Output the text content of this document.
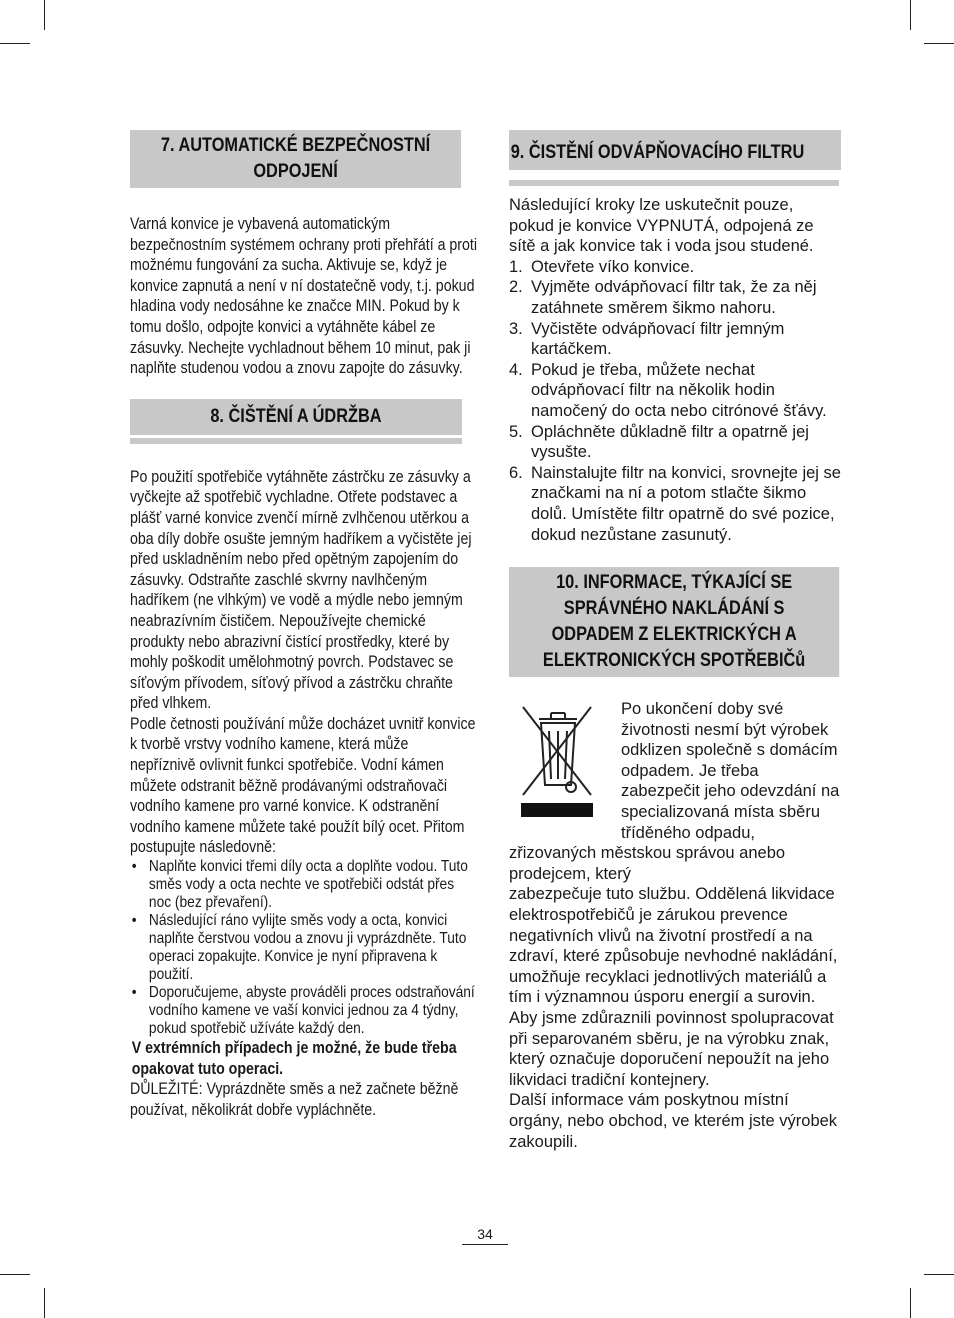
7. AUTOMATICKÉ BEZPEČNOSTNÍ
ODPOJENÍ

Varná konvice je vybavená automatickým bezpečnostním systémem ochrany proti přehřátí a proti možnému fungování za sucha. Aktivuje se, když je konvice zapnutá a není v ní dostatečně vody, t.j. pokud hladina vody nedosáhne ke značce MIN. Pokud by k tomu došlo, odpojte konvici a vytáhněte kábel ze zásuvky. Nechejte vychladnout během 10 minut, pak ji naplňte studenou vodou a znovu zapojte do zásuvky.

8. ČIŠTĚNÍ A ÚDRŽBA

Po použití spotřebiče vytáhněte zástrčku ze zásuvky a vyčkejte až spotřebič vychladne. Otřete podstavec a plášť varné konvice zvenčí mírně zvlhčenou utěrkou a oba díly dobře osušte jemným hadříkem a vyčistěte jej před uskladněním nebo před opětným zapojením do zásuvky. Odstraňte zaschlé skvrny navlhčeným hadříkem (ne vlhkým) ve vodě a mýdle nebo jemným neabrazívním čističem. Nepoužívejte chemické produkty nebo abrazivní čistící prostředky, které by mohly poškodit umělohmotný povrch. Podstavec se síťovým přívodem, síťový přívod a zástrčku chraňte před vlhkem.

Podle četnosti používání může docházet uvnitř konvice k tvorbě vrstvy vodního kamene, která může nepříznivě ovlivnit funkci spotřebiče. Vodní kámen můžete odstranit běžně prodávanými odstraňovači vodního kamene pro varné konvice. K odstranění vodního kamene můžete také použít bílý ocet. Přitom postupujte následovně:

• Naplňte konvici třemi díly octa a doplňte vodou. Tuto směs vody a octa nechte ve spotřebiči odstát přes noc (bez převaření).
• Následující ráno vylijte směs vody a octa, konvici naplňte čerstvou vodou a znovu ji vyprázdněte. Tuto operaci zopakujte. Konvice je nyní připravena k použití.
• Doporučujeme, abyste prováděli proces odstraňování vodního kamene ve vaší konvici jednou za 4 týdny, pokud spotřebič užíváte každý den.

V extrémních případech je možné, že bude třeba opakovat tuto operaci.

DŮLEŽITÉ: Vyprázdněte směs a než začnete běžně používat, několikrát dobře vypláchněte.

9. ČISTĚNÍ ODVÁPŇOVACÍHO FILTRU

Následující kroky lze uskutečnit pouze, pokud je konvice VYPNUTÁ, odpojená ze sítě a jak konvice tak i voda jsou studené.

1. Otevřete víko konvice.
2. Vyjměte odvápňovací filtr tak, že za něj zatáhnete směrem šikmo nahoru.
3. Vyčistěte odvápňovací filtr jemným kartáčkem.
4. Pokud je třeba, můžete nechat odvápňovací filtr na několik hodin namočený do octa nebo citrónové šťávy.
5. Opláchněte důkladně filtr a opatrně jej vysušte.
6. Nainstalujte filtr na konvici, srovnejte jej se značkami na ní a potom stlačte šikmo dolů. Umístěte filtr opatrně do své pozice, dokud nezůstane zasunutý.
10. INFORMACE, TÝKAJÍCÍ SE
SPRÁVNÉHO NAKLÁDÁNÍ S
ODPADEM Z ELEKTRICKÝCH A
ELEKTRONICKÝCH SPOTŘEBIČů

Po ukončení doby své životnosti nesmí být výrobek odklizen společně s domácím odpadem. Je třeba zabezpečit jeho odevzdání na specializovaná místa sběru tříděného odpadu,

zřizovaných městskou správou anebo prodejcem, který

zabezpečuje tuto službu. Oddělená likvidace elektrospotřebičů je zárukou prevence negativních vlivů na životní prostředí a na zdraví, které způsobuje nevhodné nakládání, umožňuje recyklaci jednotlivých materiálů a tím i významnou úsporu energií a surovin.

Aby jsme zdůraznili povinnost spolupracovat při separovaném sběru, je na výrobku znak, který označuje doporučení nepoužít na jeho likvidaci tradiční kontejnery.

Další informace vám poskytnou místní orgány, nebo obchod, ve kterém jste výrobek zakoupili.

34
